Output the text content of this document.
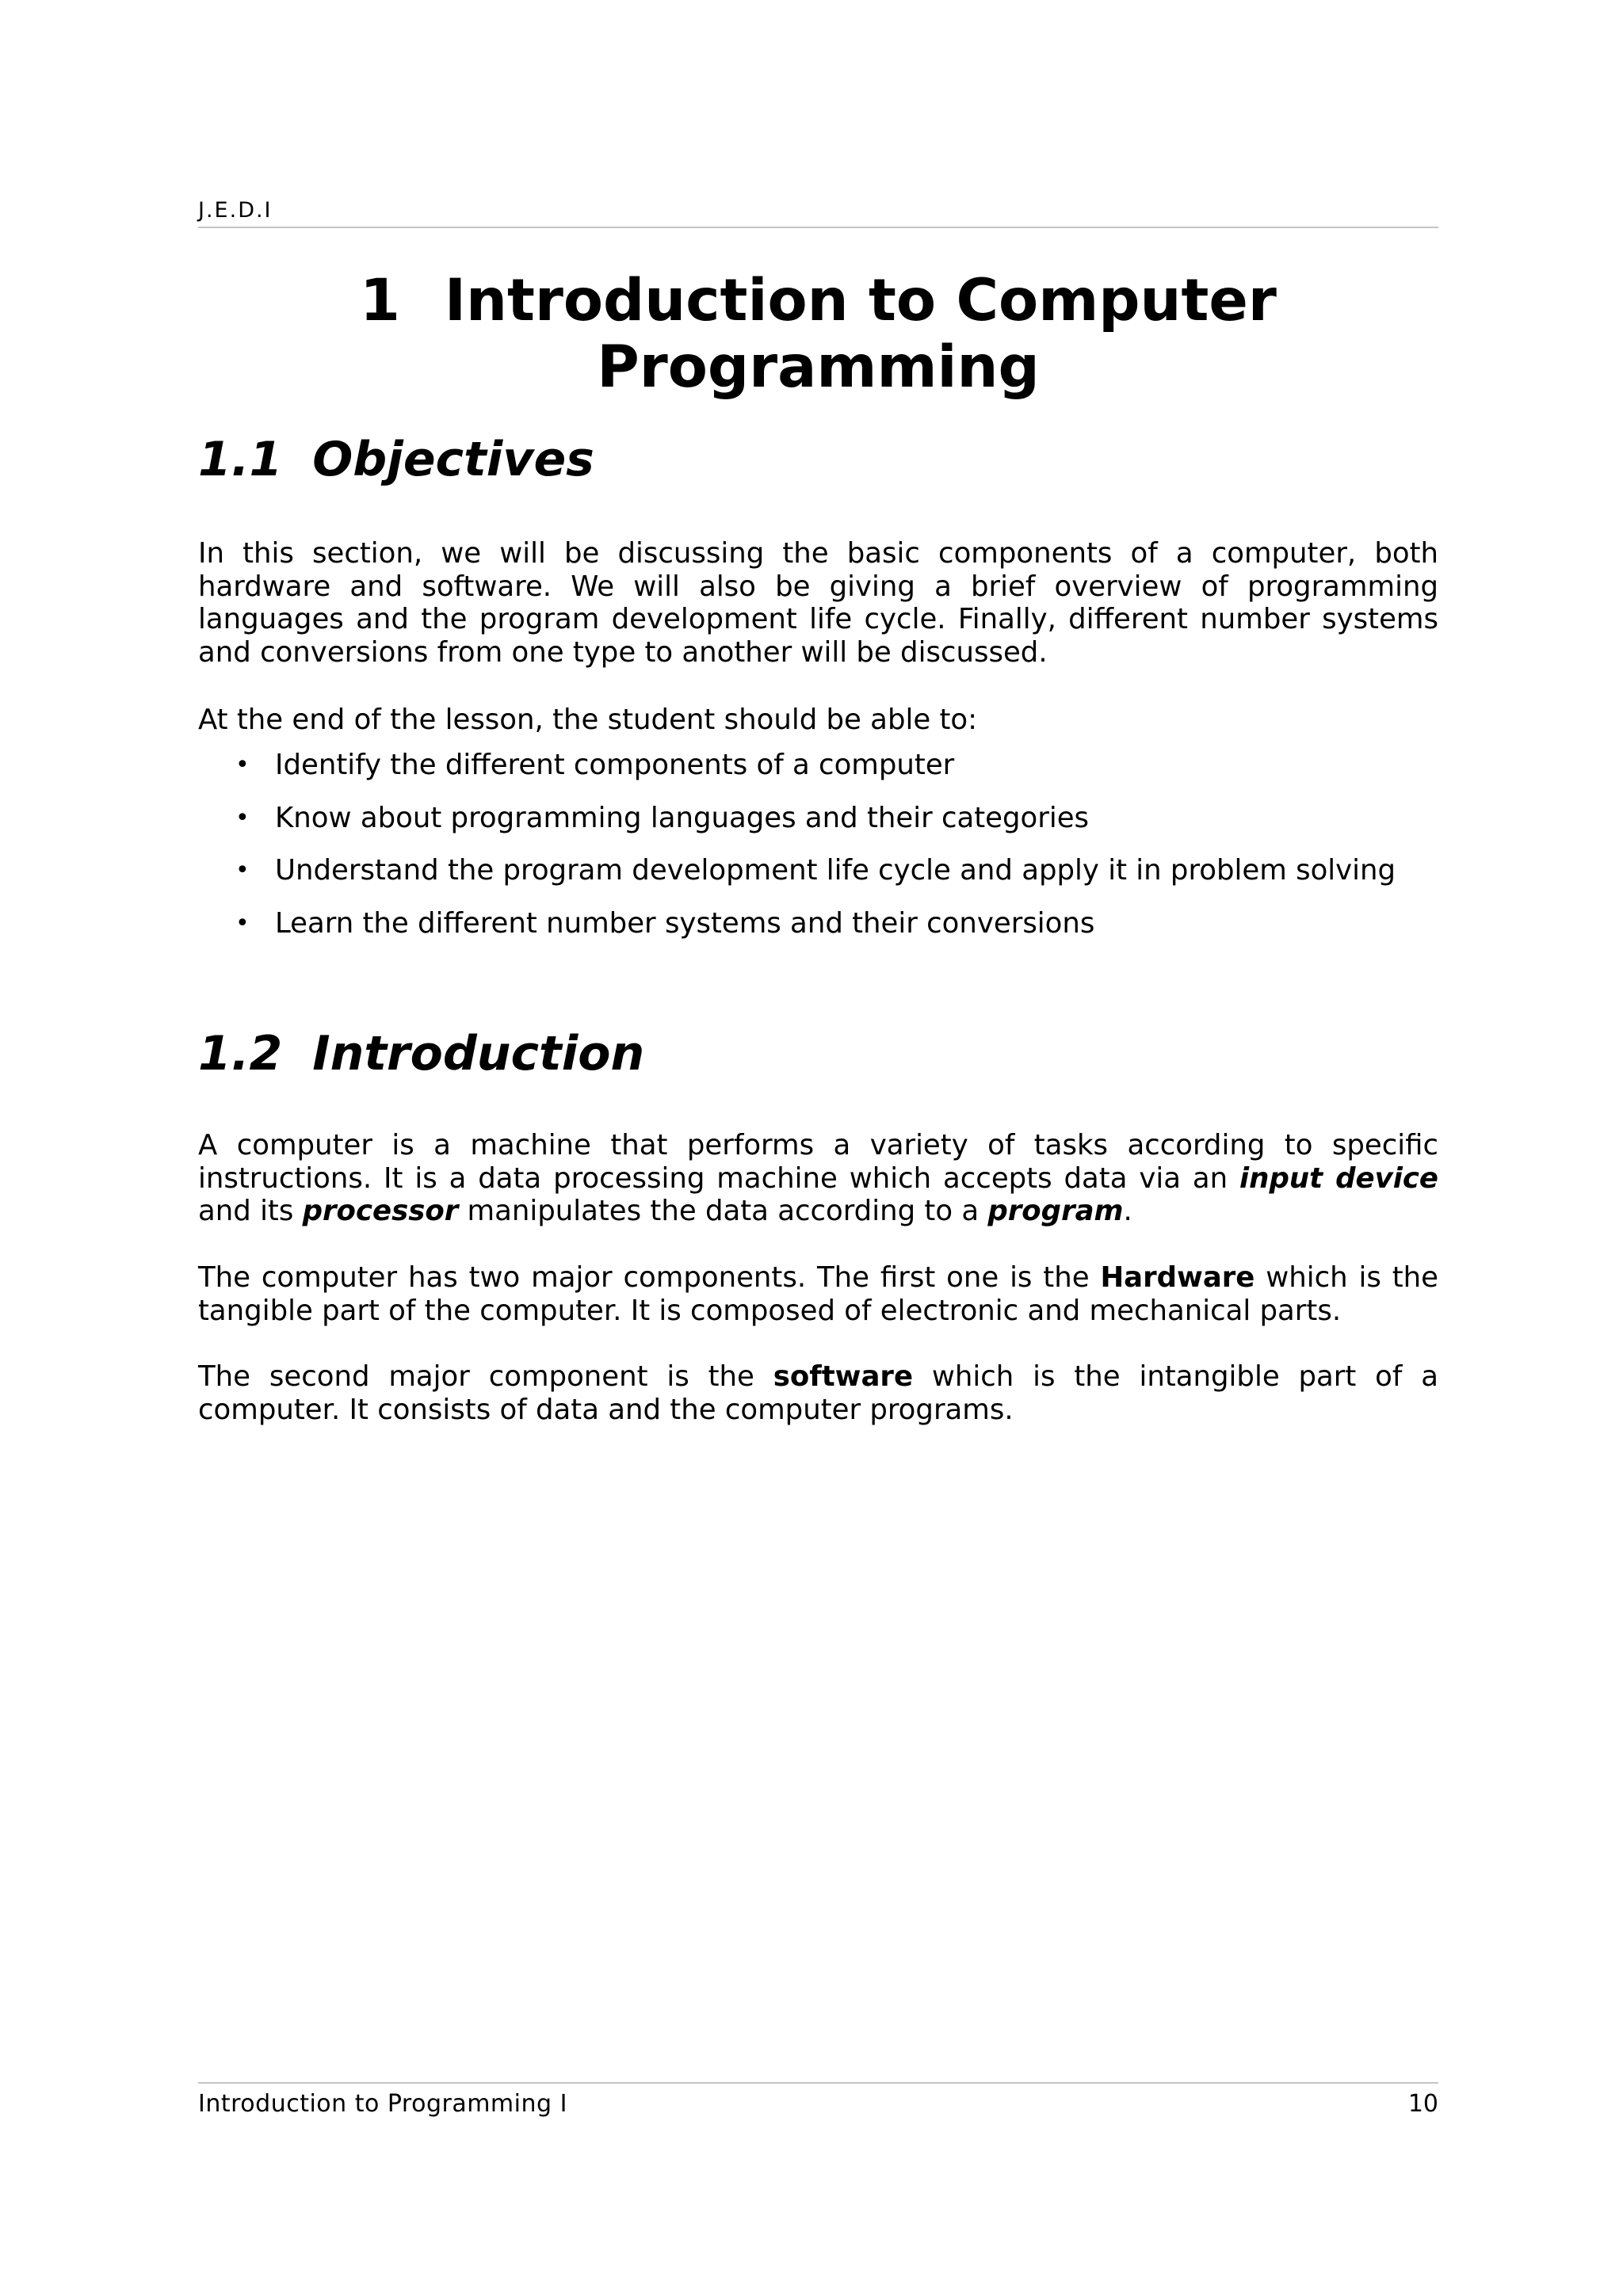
J.E.D.I
1 Introduction to Computer
Programming
1.1 Objectives

In this section, we will be discussing the basic components of a computer, both hardware and software. We will also be giving a brief overview of programming languages and the program development life cycle. Finally, different number systems and conversions from one type to another will be discussed.

At the end of the lesson, the student should be able to:

• Identify the different components of a computer
• Know about programming languages and their categories
• Understand the program development life cycle and apply it in problem solving
• Learn the different number systems and their conversions
1.2 Introduction

A computer is a machine that performs a variety of tasks according to specific instructions. It is a data processing machine which accepts data via an input device and its processor manipulates the data according to a program.

The computer has two major components. The first one is the Hardware which is the tangible part of the computer. It is composed of electronic and mechanical parts.

The second major component is the software which is the intangible part of a computer. It consists of data and the computer programs.

Introduction to Programming I	10
